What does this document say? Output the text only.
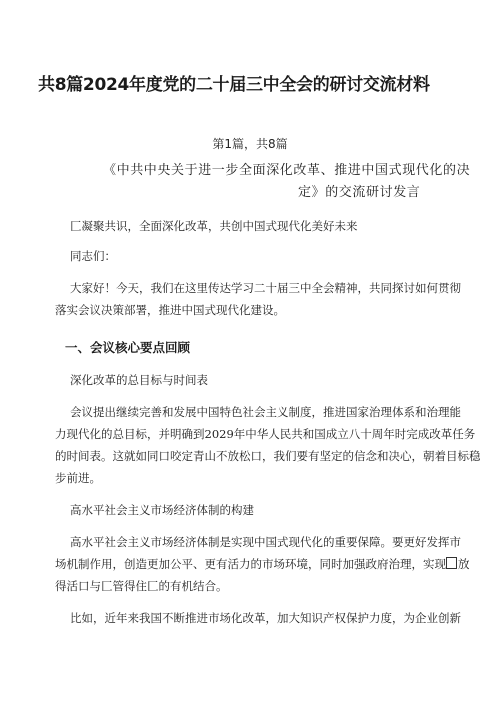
共8篇2024年度党的二十届三中全会的研讨交流材料
第1篇，共8篇
《中共中央关于进一步全面深化改革、推进中国式现代化的决
定》的交流研讨发言
匚凝聚共识，全面深化改革，共创中国式现代化美好未来
同志们：
大家好！今天，我们在这里传达学习二十届三中全会精神，共同探讨如何贯彻
落实会议决策部署，推进中国式现代化建设。
一、会议核心要点回顾
深化改革的总目标与时间表
会议提出继续完善和发展中国特色社会主义制度，推进国家治理体系和治理能
力现代化的总目标，并明确到2029年中华人民共和国成立八十周年时完成改革任务
的时间表。这就如同口咬定青山不放松口，我们要有坚定的信念和决心，朝着目标稳
步前进。
高水平社会主义市场经济体制的构建
高水平社会主义市场经济体制是实现中国式现代化的重要保障。要更好发挥市
场机制作用，创造更加公平、更有活力的市场环境，同时加强政府治理，实现 放
得活口与匚管得住匚的有机结合。
比如，近年来我国不断推进市场化改革，加大知识产权保护力度，为企业创新
